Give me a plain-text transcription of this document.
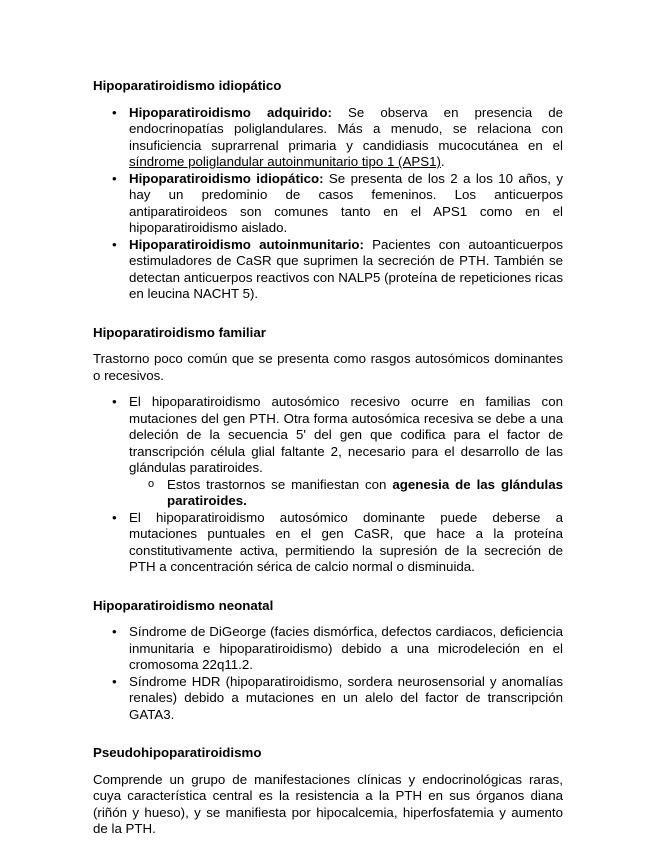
Hipoparatiroidismo idiopático
• Hipoparatiroidismo adquirido: Se observa en presencia de endocrinopatías poliglandulares. Más a menudo, se relaciona con insuficiencia suprarrenal primaria y candidiasis mucocutánea en el síndrome poliglandular autoinmunitario tipo 1 (APS1).
• Hipoparatiroidismo idiopático: Se presenta de los 2 a los 10 años, y hay un predominio de casos femeninos. Los anticuerpos antiparatiroideos son comunes tanto en el APS1 como en el hipoparatiroidismo aislado.
• Hipoparatiroidismo autoinmunitario: Pacientes con autoanticuerpos estimuladores de CaSR que suprimen la secreción de PTH. También se detectan anticuerpos reactivos con NALP5 (proteína de repeticiones ricas en leucina NACHT 5).
Hipoparatiroidismo familiar

Trastorno poco común que se presenta como rasgos autosómicos dominantes o recesivos.

• El hipoparatiroidismo autosómico recesivo ocurre en familias con mutaciones del gen PTH. Otra forma autosómica recesiva se debe a una deleción de la secuencia 5' del gen que codifica para el factor de transcripción célula glial faltante 2, necesario para el desarrollo de las glándulas paratiroides.
o Estos trastornos se manifiestan con agenesia de las glándulas paratiroides.
• El hipoparatiroidismo autosómico dominante puede deberse a mutaciones puntuales en el gen CaSR, que hace a la proteína constitutivamente activa, permitiendo la supresión de la secreción de PTH a concentración sérica de calcio normal o disminuida.
Hipoparatiroidismo neonatal
• Síndrome de DiGeorge (facies dismórfica, defectos cardiacos, deficiencia inmunitaria e hipoparatiroidismo) debido a una microdeleción en el cromosoma 22q11.2.
• Síndrome HDR (hipoparatiroidismo, sordera neurosensorial y anomalías renales) debido a mutaciones en un alelo del factor de transcripción GATA3.
Pseudohipoparatiroidismo

Comprende un grupo de manifestaciones clínicas y endocrinológicas raras, cuya característica central es la resistencia a la PTH en sus órganos diana (riñón y hueso), y se manifiesta por hipocalcemia, hiperfosfatemia y aumento de la PTH.
